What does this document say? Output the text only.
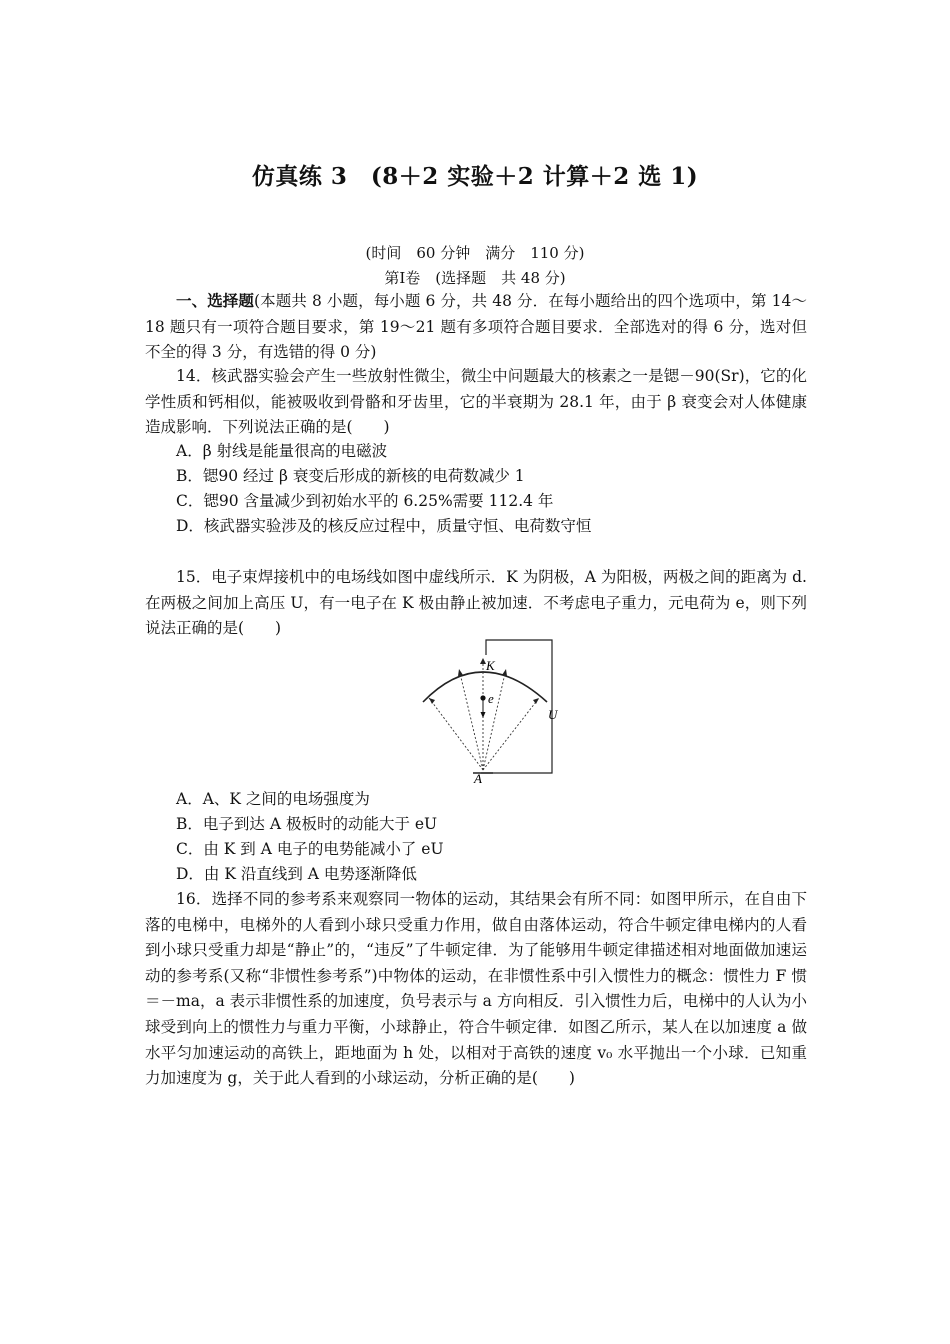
仿真练 3　(8＋2 实验＋2 计算＋2 选 1)
(时间　60 分钟　满分　110 分)
第Ⅰ卷　(选择题　共 48 分)

一、选择题(本题共 8 小题，每小题 6 分，共 48 分．在每小题给出的四个选项中，第 14～18 题只有一项符合题目要求，第 19～21 题有多项符合题目要求．全部选对的得 6 分，选对但不全的得 3 分，有选错的得 0 分)

14．核武器实验会产生一些放射性微尘，微尘中问题最大的核素之一是锶－90(Sr)，它的化学性质和钙相似，能被吸收到骨骼和牙齿里，它的半衰期为 28.1 年，由于 β 衰变会对人体健康造成影响．下列说法正确的是(　　)

A．β 射线是能量很高的电磁波
B．锶90 经过 β 衰变后形成的新核的电荷数减少 1
C．锶90 含量减少到初始水平的 6.25%需要 112.4 年
D．核武器实验涉及的核反应过程中，质量守恒、电荷数守恒

15．电子束焊接机中的电场线如图中虚线所示．K 为阴极，A 为阳极，两极之间的距离为 d.在两极之间加上高压 U，有一电子在 K 极由静止被加速．不考虑电子重力，元电荷为 e，则下列说法正确的是(　　)

K
e
U
A
A．A、K 之间的电场强度为
B．电子到达 A 极板时的动能大于 eU
C．由 K 到 A 电子的电势能减小了 eU
D．由 K 沿直线到 A 电势逐渐降低

16．选择不同的参考系来观察同一物体的运动，其结果会有所不同：如图甲所示，在自由下落的电梯中，电梯外的人看到小球只受重力作用，做自由落体运动，符合牛顿定律电梯内的人看到小球只受重力却是“静止”的，“违反”了牛顿定律．为了能够用牛顿定律描述相对地面做加速运动的参考系(又称“非惯性参考系”)中物体的运动，在非惯性系中引入惯性力的概念：惯性力 F 惯＝－ma，a 表示非惯性系的加速度，负号表示与 a 方向相反．引入惯性力后，电梯中的人认为小球受到向上的惯性力与重力平衡，小球静止，符合牛顿定律．如图乙所示，某人在以加速度 a 做水平匀加速运动的高铁上，距地面为 h 处，以相对于高铁的速度 v₀ 水平抛出一个小球．已知重力加速度为 g，关于此人看到的小球运动，分析正确的是(　　)
